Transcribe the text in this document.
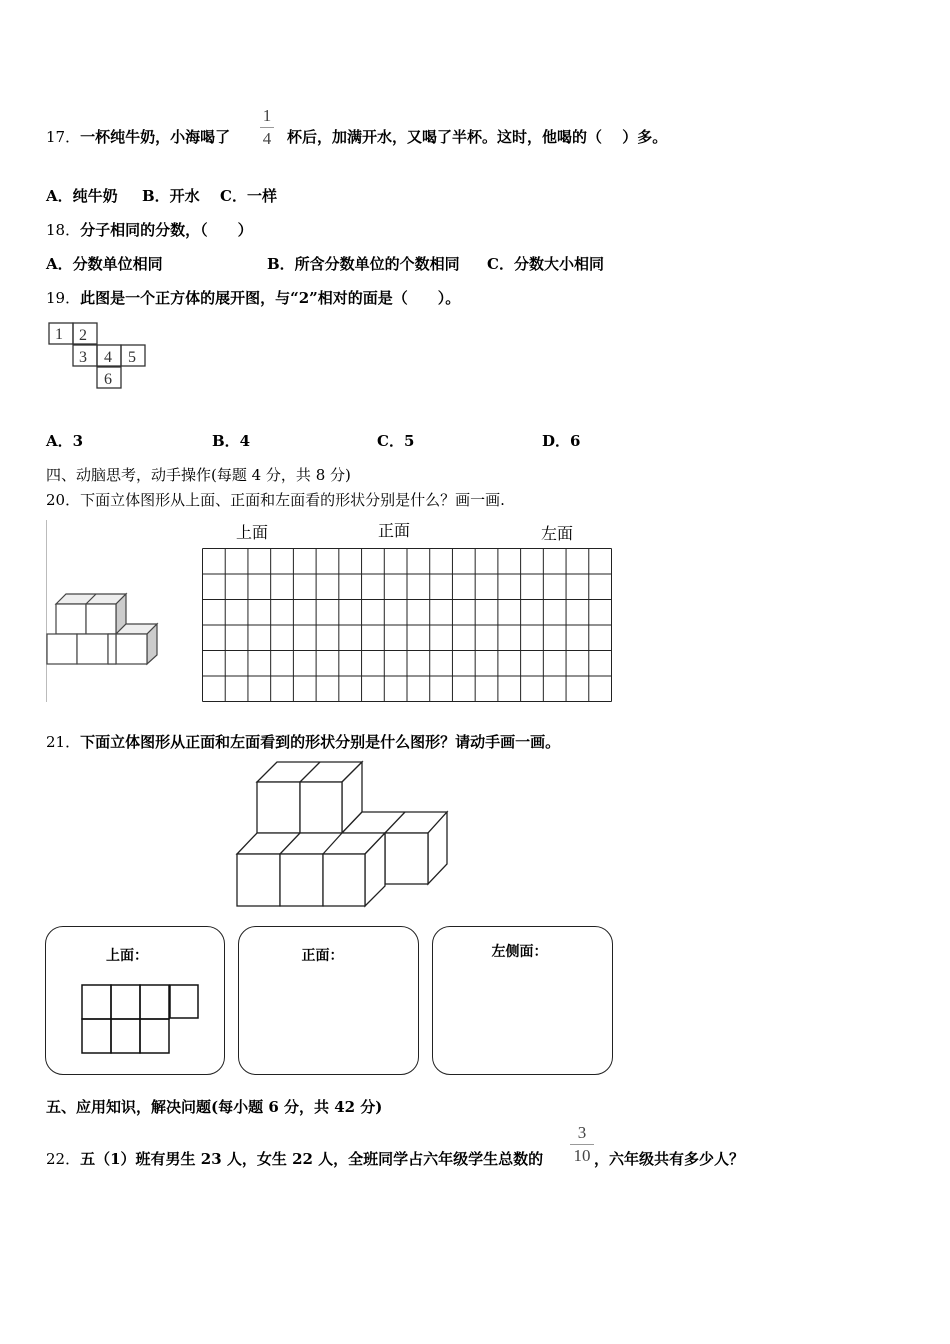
17．一杯纯牛奶，小海喝了
1
4 杯后，加满开水，又喝了半杯。这时，他喝的（　 ）多。
A．纯牛奶 B．开水 C．一样
18．分子相同的分数，（　　）
A．分数单位相同	B．所含分数单位的个数相同 C．分数大小相同
19．此图是一个正方体的展开图，与“2”相对的面是（　　）。
1 2
3 4 5
6
A．3	B．4	C．5	D．6
四、动脑思考，动手操作(每题 4 分，共 8 分)
20．下面立体图形从上面、正面和左面看的形状分别是什么？画一画.
上面	正面	左面
21．下面立体图形从正面和左面看到的形状分别是什么图形？请动手画一画。
上面：	正面：	左侧面：
五、应用知识，解决问题(每小题 6 分，共 42 分)
22．五（1）班有男生 23 人，女生 22 人，全班同学占六年级学生总数的
3
10 ，六年级共有多少人？
